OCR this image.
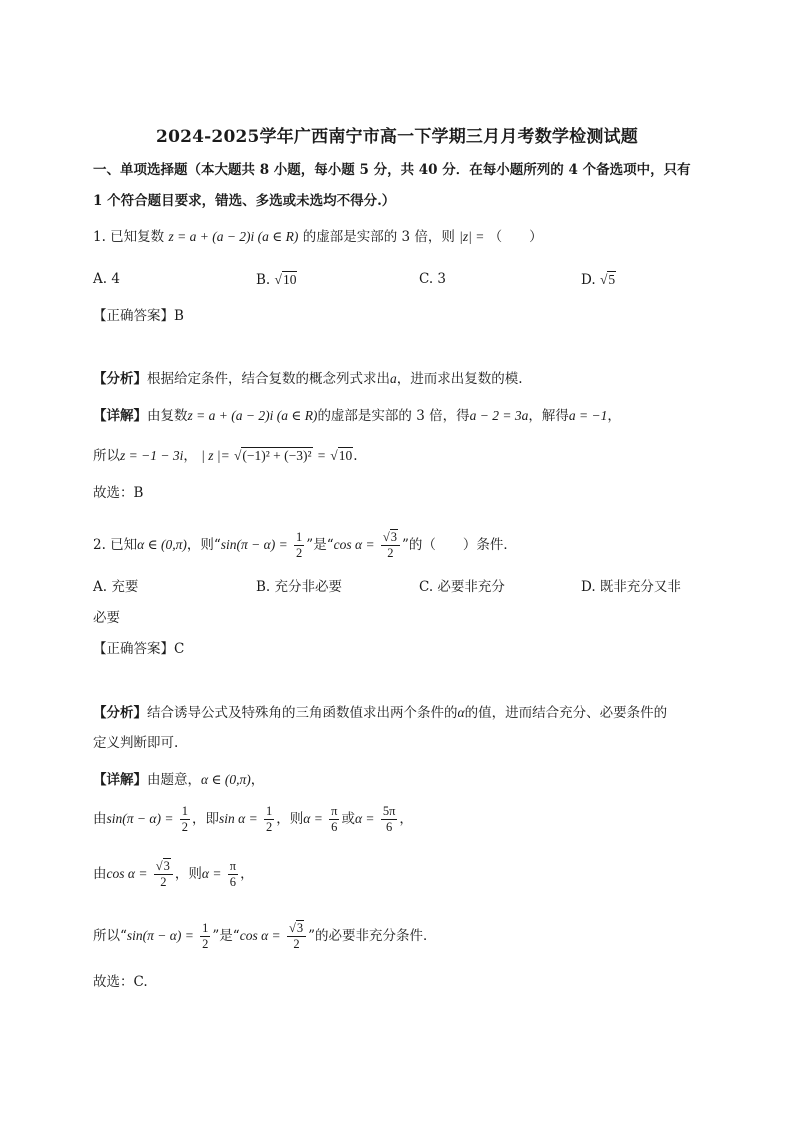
2024-2025学年广西南宁市高一下学期三月月考数学检测试题
一、单项选择题（本大题共 8 小题，每小题 5 分，共 40 分．在每小题所列的 4 个备选项中，只有
1 个符合题目要求，错选、多选或未选均不得分.）
1. 已知复数 z = a + (a − 2)i (a ∈ R) 的虚部是实部的 3 倍，则 |z| = （　　）
A. 4	B. √10	C. 3	D. √5
【正确答案】B
【分析】根据给定条件，结合复数的概念列式求出a，进而求出复数的模.
【详解】由复数z = a + (a − 2)i (a ∈ R)的虚部是实部的 3 倍，得a − 2 = 3a，解得a = −1，
所以z = −1 − 3i， | z |= √(−1)² + (−3)² = √10.
故选：B
2. 已知α ∈ (0,π)，则“$\sin(\pi - \alpha) = \frac{1}{2}$ ”是“cos $\alpha = \frac{√3}{2}$ ”的（　　）条件．
A. 充要	B. 充分非必要	C. 必要非充分	D. 既非充分又非
必要
【正确答案】C
【分析】结合诱导公式及特殊角的三角函数值求出两个条件的α的值，进而结合充分、必要条件的
定义判断即可.
【详解】由题意，α ∈ (0,π)，
由$\sin(\pi - \alpha) = \frac{1}{2}$ ，即$\sin \alpha = \frac{1}{2}$ ，则$\alpha = \frac{\pi}{6}$ 或$\alpha = \frac{5\pi}{6}$ ，
由$\cos \alpha = \frac{√3}{2}$ ，则$\alpha = \frac{\pi}{6}$ ，
所以“$\sin(\pi - \alpha) = \frac{1}{2}$ ”是“cos $\alpha = \frac{√3}{2}$ ”的必要非充分条件．
故选：C.
